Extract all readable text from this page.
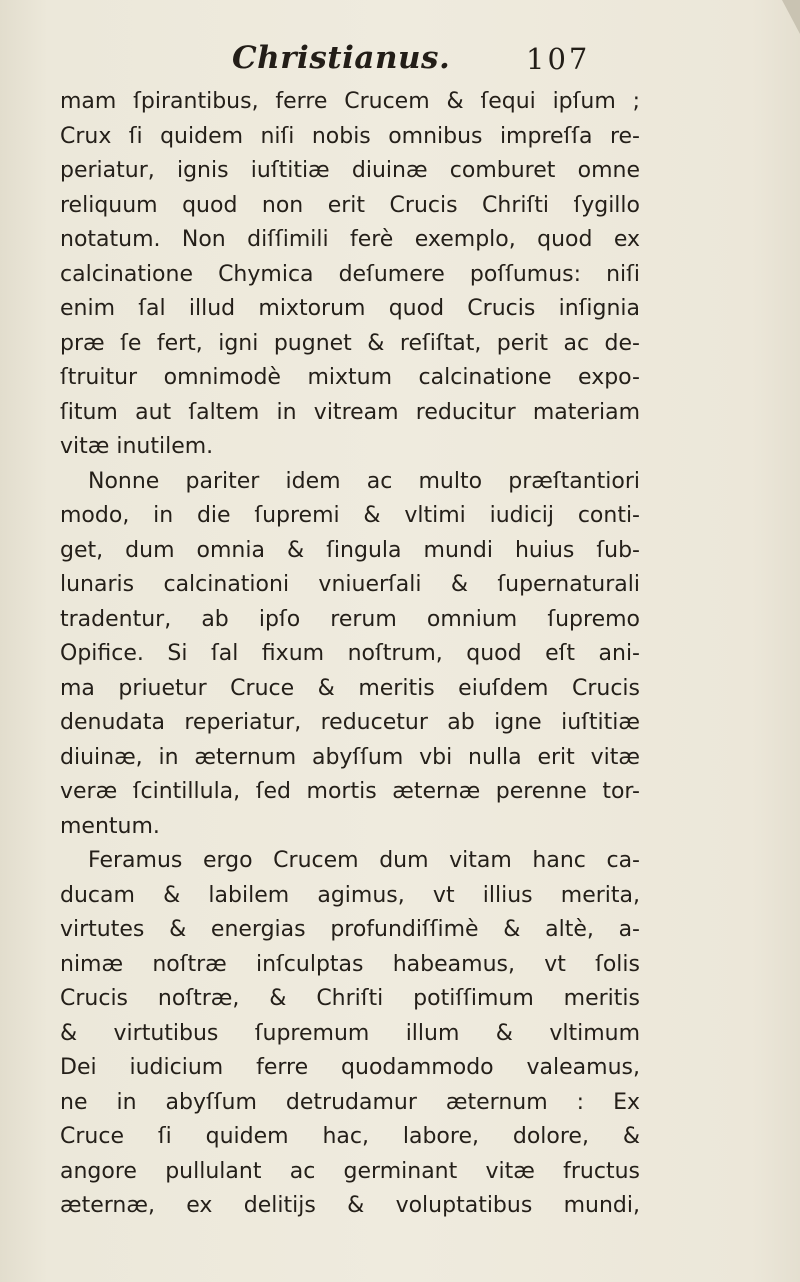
Christianus.	107
mam ſpirantibus, ferre Crucem & ſequi ipſum ;
Crux ſi quidem niſi nobis omnibus impreſſa re-
periatur, ignis iuſtitiæ diuinæ comburet omne
reliquum quod non erit Crucis Chriſti ſygillo
notatum. Non diſſimili ferè exemplo, quod ex
calcinatione Chymica deſumere poſſumus: niſi
enim ſal illud mixtorum quod Crucis inſignia
præ ſe fert, igni pugnet & reſiſtat, perit ac de-
ſtruitur omnimodè mixtum calcinatione expo-
ſitum aut ſaltem in vitream reducitur materiam
vitæ inutilem.
Nonne pariter idem ac multo præſtantiori
modo, in die ſupremi & vltimi iudicij conti-
get, dum omnia & ſingula mundi huius ſub-
lunaris calcinationi vniuerſali & ſupernaturali
tradentur, ab ipſo rerum omnium ſupremo
Opifice. Si ſal fixum noſtrum, quod eſt ani-
ma priuetur Cruce & meritis eiuſdem Crucis
denudata reperiatur, reducetur ab igne iuſtitiæ
diuinæ, in æternum abyſſum vbi nulla erit vitæ
veræ ſcintillula, ſed mortis æternæ perenne tor-
mentum.
Feramus ergo Crucem dum vitam hanc ca-
ducam & labilem agimus, vt illius merita,
virtutes & energias profundiſſimè & altè, a-
nimæ noſtræ inſculptas habeamus, vt ſolis
Crucis noſtræ, & Chriſti potiſſimum meritis
& virtutibus ſupremum illum & vltimum
Dei iudicium ferre quodammodo valeamus,
ne in abyſſum detrudamur æternum : Ex
Cruce ſi quidem hac, labore, dolore, &
angore pullulant ac germinant vitæ fructus
æternæ, ex delitijs & voluptatibus mundi,
